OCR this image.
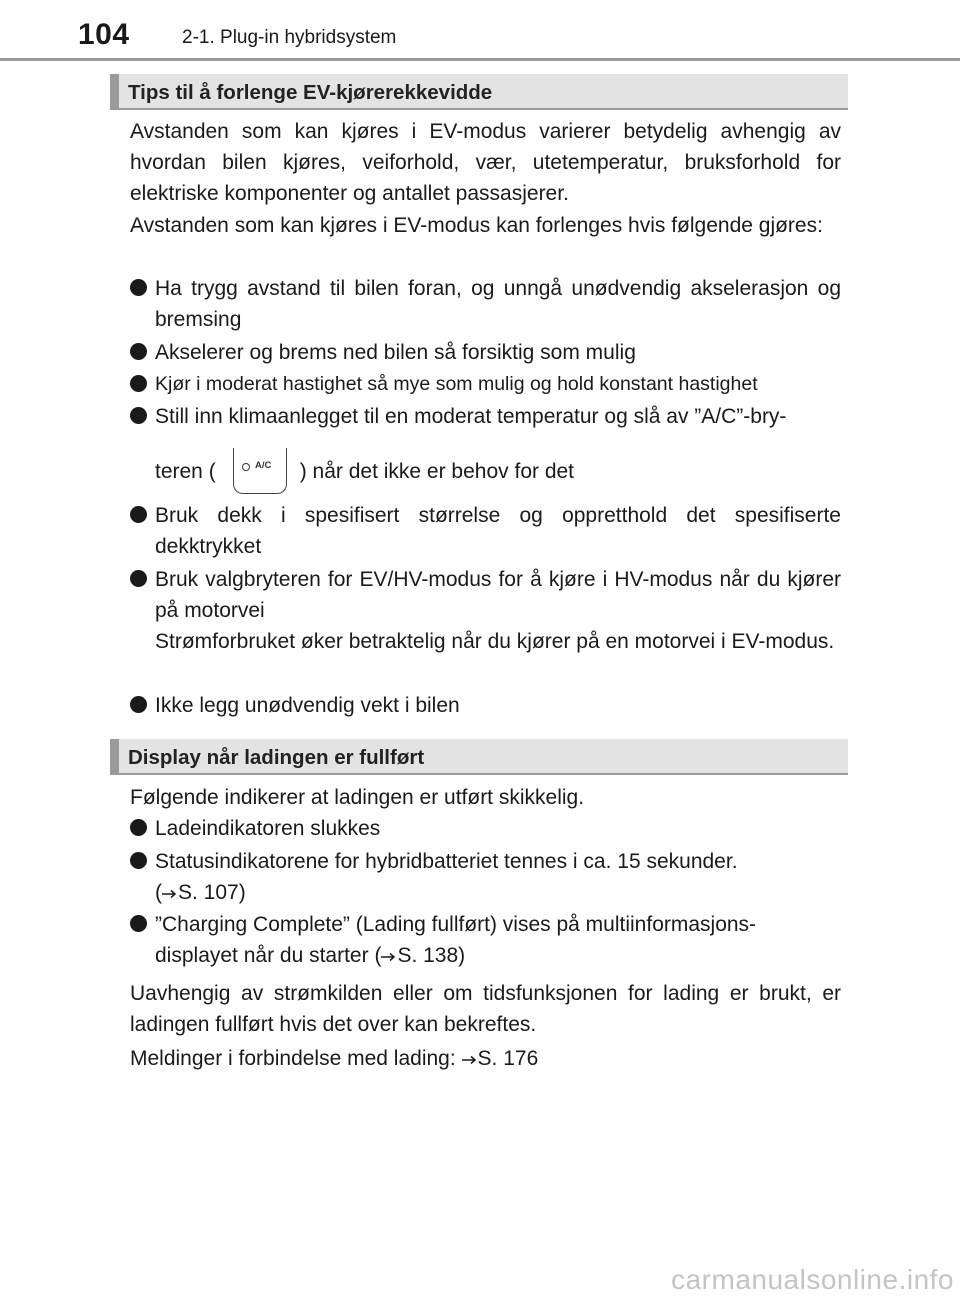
104	2-1. Plug-in hybridsystem
Tips til å forlenge EV-kjørerekkevidde
Avstanden som kan kjøres i EV-modus varierer betydelig avhengig av hvordan bilen kjøres, veiforhold, vær, utetemperatur, bruksforhold for elektriske komponenter og antallet passasjerer.
Avstanden som kan kjøres i EV-modus kan forlenges hvis følgende gjøres:
Ha trygg avstand til bilen foran, og unngå unødvendig akselerasjon og bremsing
Akselerer og brems ned bilen så forsiktig som mulig
Kjør i moderat hastighet så mye som mulig og hold konstant hastighet
Still inn klimaanlegget til en moderat temperatur og slå av ”A/C”-bry-
teren (	) når det ikke er behov for det
A/C
Bruk dekk i spesifisert størrelse og oppretthold det spesifiserte dekktrykket
Bruk valgbryteren for EV/HV-modus for å kjøre i HV-modus når du kjører på motorvei
Strømforbruket øker betraktelig når du kjører på en motorvei i EV-modus.
Ikke legg unødvendig vekt i bilen
Display når ladingen er fullført
Følgende indikerer at ladingen er utført skikkelig.
Ladeindikatoren slukkes
Statusindikatorene for hybridbatteriet tennes i ca. 15 sekunder.
( S. 107)
”Charging Complete” (Lading fullført) vises på multiinformasjons-
displayet når du starter ( S. 138)
Uavhengig av strømkilden eller om tidsfunksjonen for lading er brukt, er ladingen fullført hvis det over kan bekreftes.
Meldinger i forbindelse med lading: S. 176
carmanualsonline.info
